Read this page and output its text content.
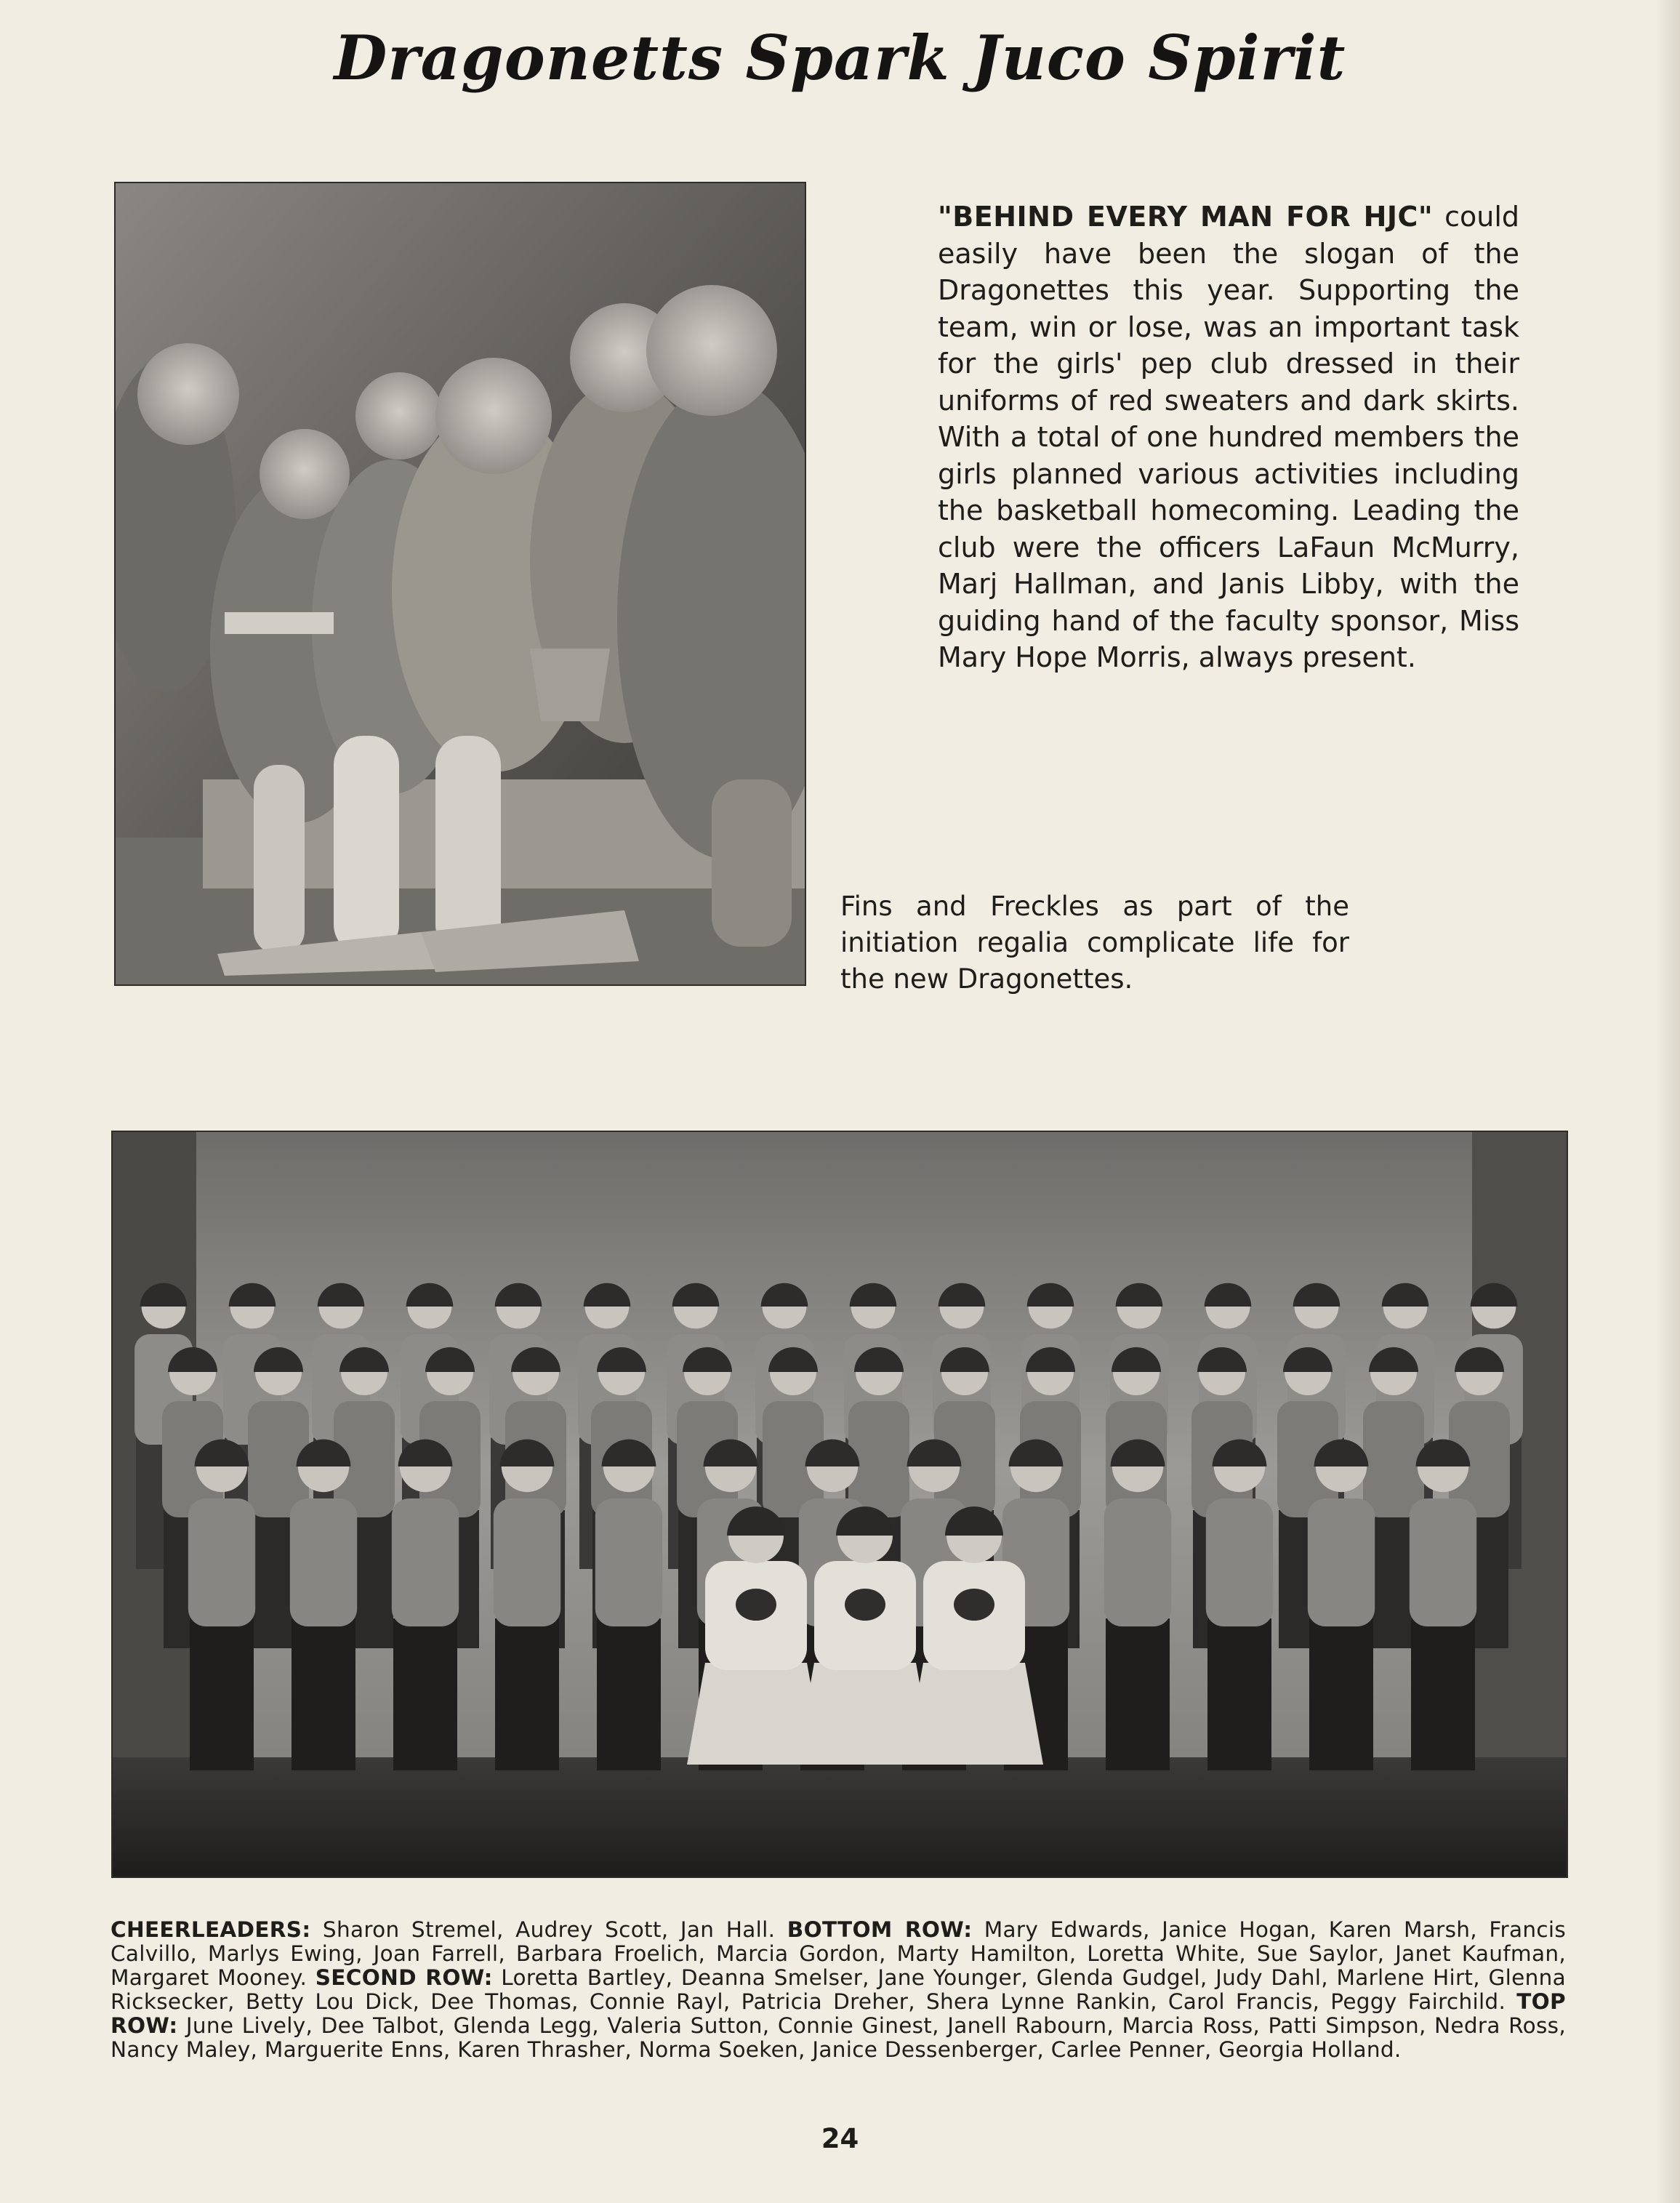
Dragonetts Spark Juco Spirit
"BEHIND EVERY MAN FOR HJC" could easily have been the slogan of the Dragonettes this year. Supporting the team, win or lose, was an important task for the girls' pep club dressed in their uniforms of red sweaters and dark skirts. With a total of one hundred members the girls planned various activities including the basketball homecoming. Leading the club were the officers LaFaun McMurry, Marj Hallman, and Janis Libby, with the guiding hand of the faculty sponsor, Miss Mary Hope Morris, always present.
Fins and Freckles as part of the initiation regalia complicate life for the new Dragonettes.
CHEERLEADERS: Sharon Stremel, Audrey Scott, Jan Hall. BOTTOM ROW: Mary Edwards, Janice Hogan, Karen Marsh, Francis Calvillo, Marlys Ewing, Joan Farrell, Barbara Froelich, Marcia Gordon, Marty Hamilton, Loretta White, Sue Saylor, Janet Kaufman, Margaret Mooney. SECOND ROW: Loretta Bartley, Deanna Smelser, Jane Younger, Glenda Gudgel, Judy Dahl, Marlene Hirt, Glenna Ricksecker, Betty Lou Dick, Dee Thomas, Connie Rayl, Patricia Dreher, Shera Lynne Rankin, Carol Francis, Peggy Fairchild. TOP ROW: June Lively, Dee Talbot, Glenda Legg, Valeria Sutton, Connie Ginest, Janell Rabourn, Marcia Ross, Patti Simpson, Nedra Ross, Nancy Maley, Marguerite Enns, Karen Thrasher, Norma Soeken, Janice Dessenberger, Carlee Penner, Georgia Holland.
24
